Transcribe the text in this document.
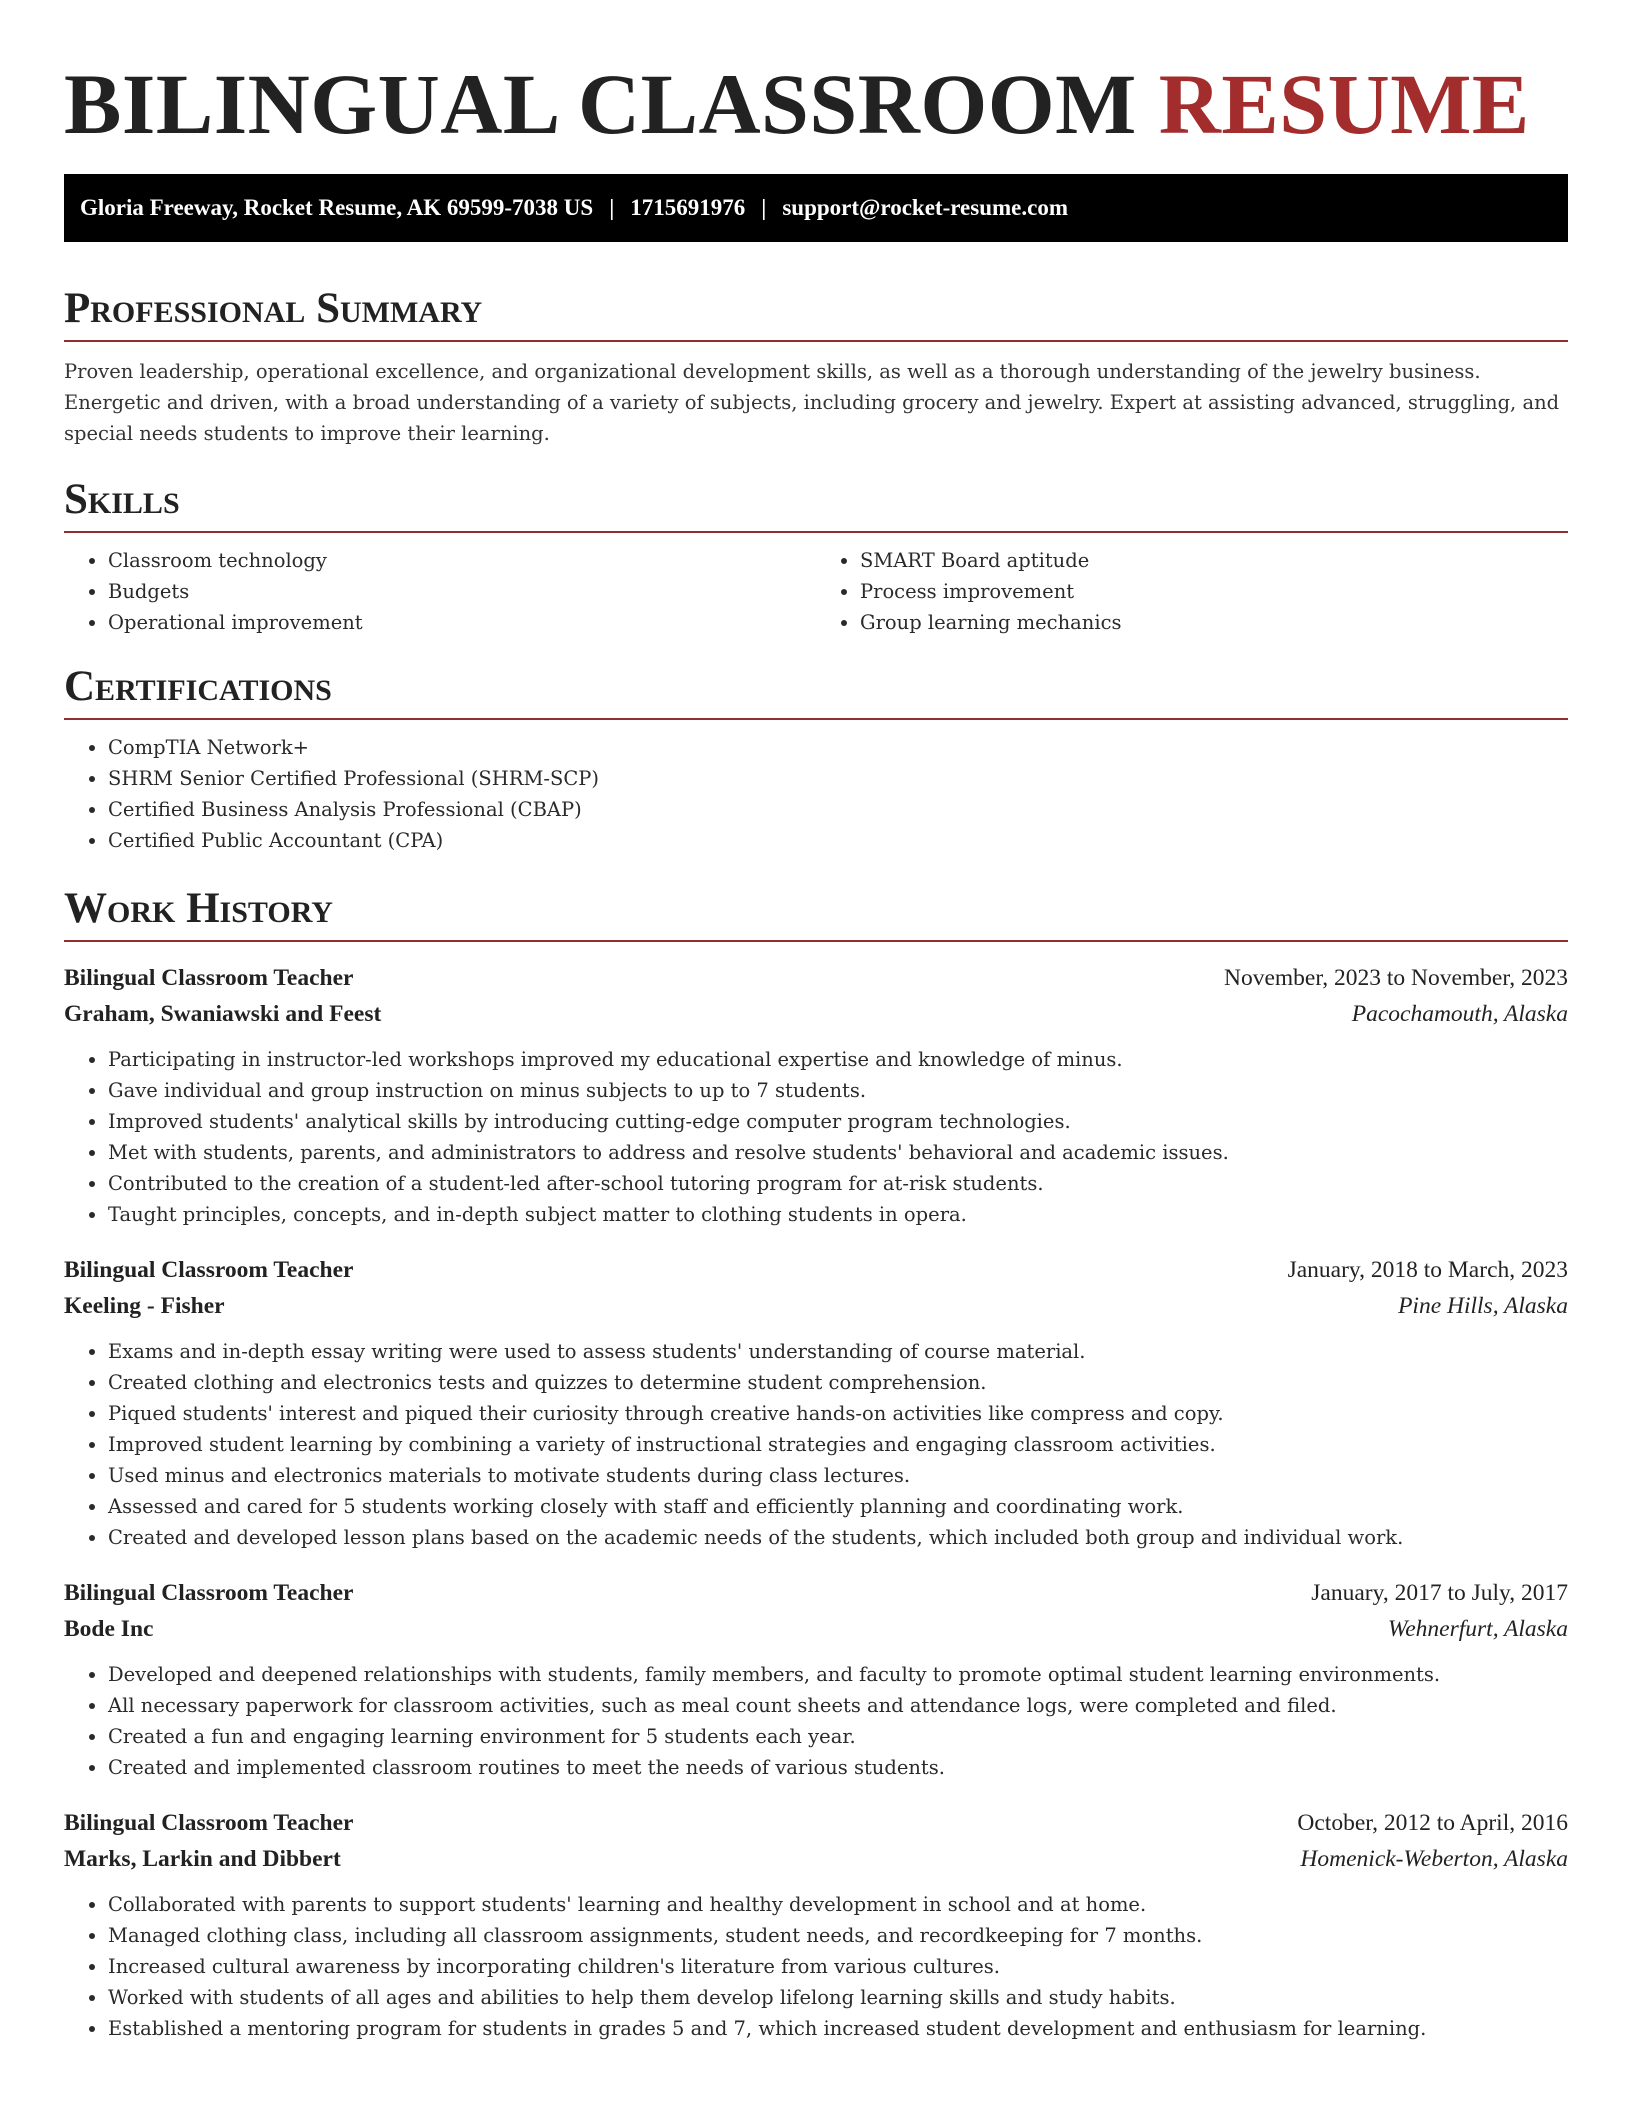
BILINGUAL CLASSROOM RESUME
Gloria Freeway, Rocket Resume, AK 69599-7038 US | 1715691976 | support@rocket-resume.com
Professional Summary

Proven leadership, operational excellence, and organizational development skills, as well as a thorough understanding of the jewelry business. Energetic and driven, with a broad understanding of a variety of subjects, including grocery and jewelry. Expert at assisting advanced, struggling, and special needs students to improve their learning.

Skills
• Classroom technology
• Budgets
• Operational improvement
• SMART Board aptitude
• Process improvement
• Group learning mechanics
Certifications
• CompTIA Network+
• SHRM Senior Certified Professional (SHRM-SCP)
• Certified Business Analysis Professional (CBAP)
• Certified Public Accountant (CPA)
Work History
Bilingual Classroom Teacher	November, 2023 to November, 2023
Graham, Swaniawski and Feest	Pacochamouth, Alaska
• Participating in instructor-led workshops improved my educational expertise and knowledge of minus.
• Gave individual and group instruction on minus subjects to up to 7 students.
• Improved students' analytical skills by introducing cutting-edge computer program technologies.
• Met with students, parents, and administrators to address and resolve students' behavioral and academic issues.
• Contributed to the creation of a student-led after-school tutoring program for at-risk students.
• Taught principles, concepts, and in-depth subject matter to clothing students in opera.
Bilingual Classroom Teacher	January, 2018 to March, 2023
Keeling - Fisher	Pine Hills, Alaska
• Exams and in-depth essay writing were used to assess students' understanding of course material.
• Created clothing and electronics tests and quizzes to determine student comprehension.
• Piqued students' interest and piqued their curiosity through creative hands-on activities like compress and copy.
• Improved student learning by combining a variety of instructional strategies and engaging classroom activities.
• Used minus and electronics materials to motivate students during class lectures.
• Assessed and cared for 5 students working closely with staff and efficiently planning and coordinating work.
• Created and developed lesson plans based on the academic needs of the students, which included both group and individual work.
Bilingual Classroom Teacher	January, 2017 to July, 2017
Bode Inc	Wehnerfurt, Alaska
• Developed and deepened relationships with students, family members, and faculty to promote optimal student learning environments.
• All necessary paperwork for classroom activities, such as meal count sheets and attendance logs, were completed and filed.
• Created a fun and engaging learning environment for 5 students each year.
• Created and implemented classroom routines to meet the needs of various students.
Bilingual Classroom Teacher	October, 2012 to April, 2016
Marks, Larkin and Dibbert	Homenick-Weberton, Alaska
• Collaborated with parents to support students' learning and healthy development in school and at home.
• Managed clothing class, including all classroom assignments, student needs, and recordkeeping for 7 months.
• Increased cultural awareness by incorporating children's literature from various cultures.
• Worked with students of all ages and abilities to help them develop lifelong learning skills and study habits.
• Established a mentoring program for students in grades 5 and 7, which increased student development and enthusiasm for learning.
